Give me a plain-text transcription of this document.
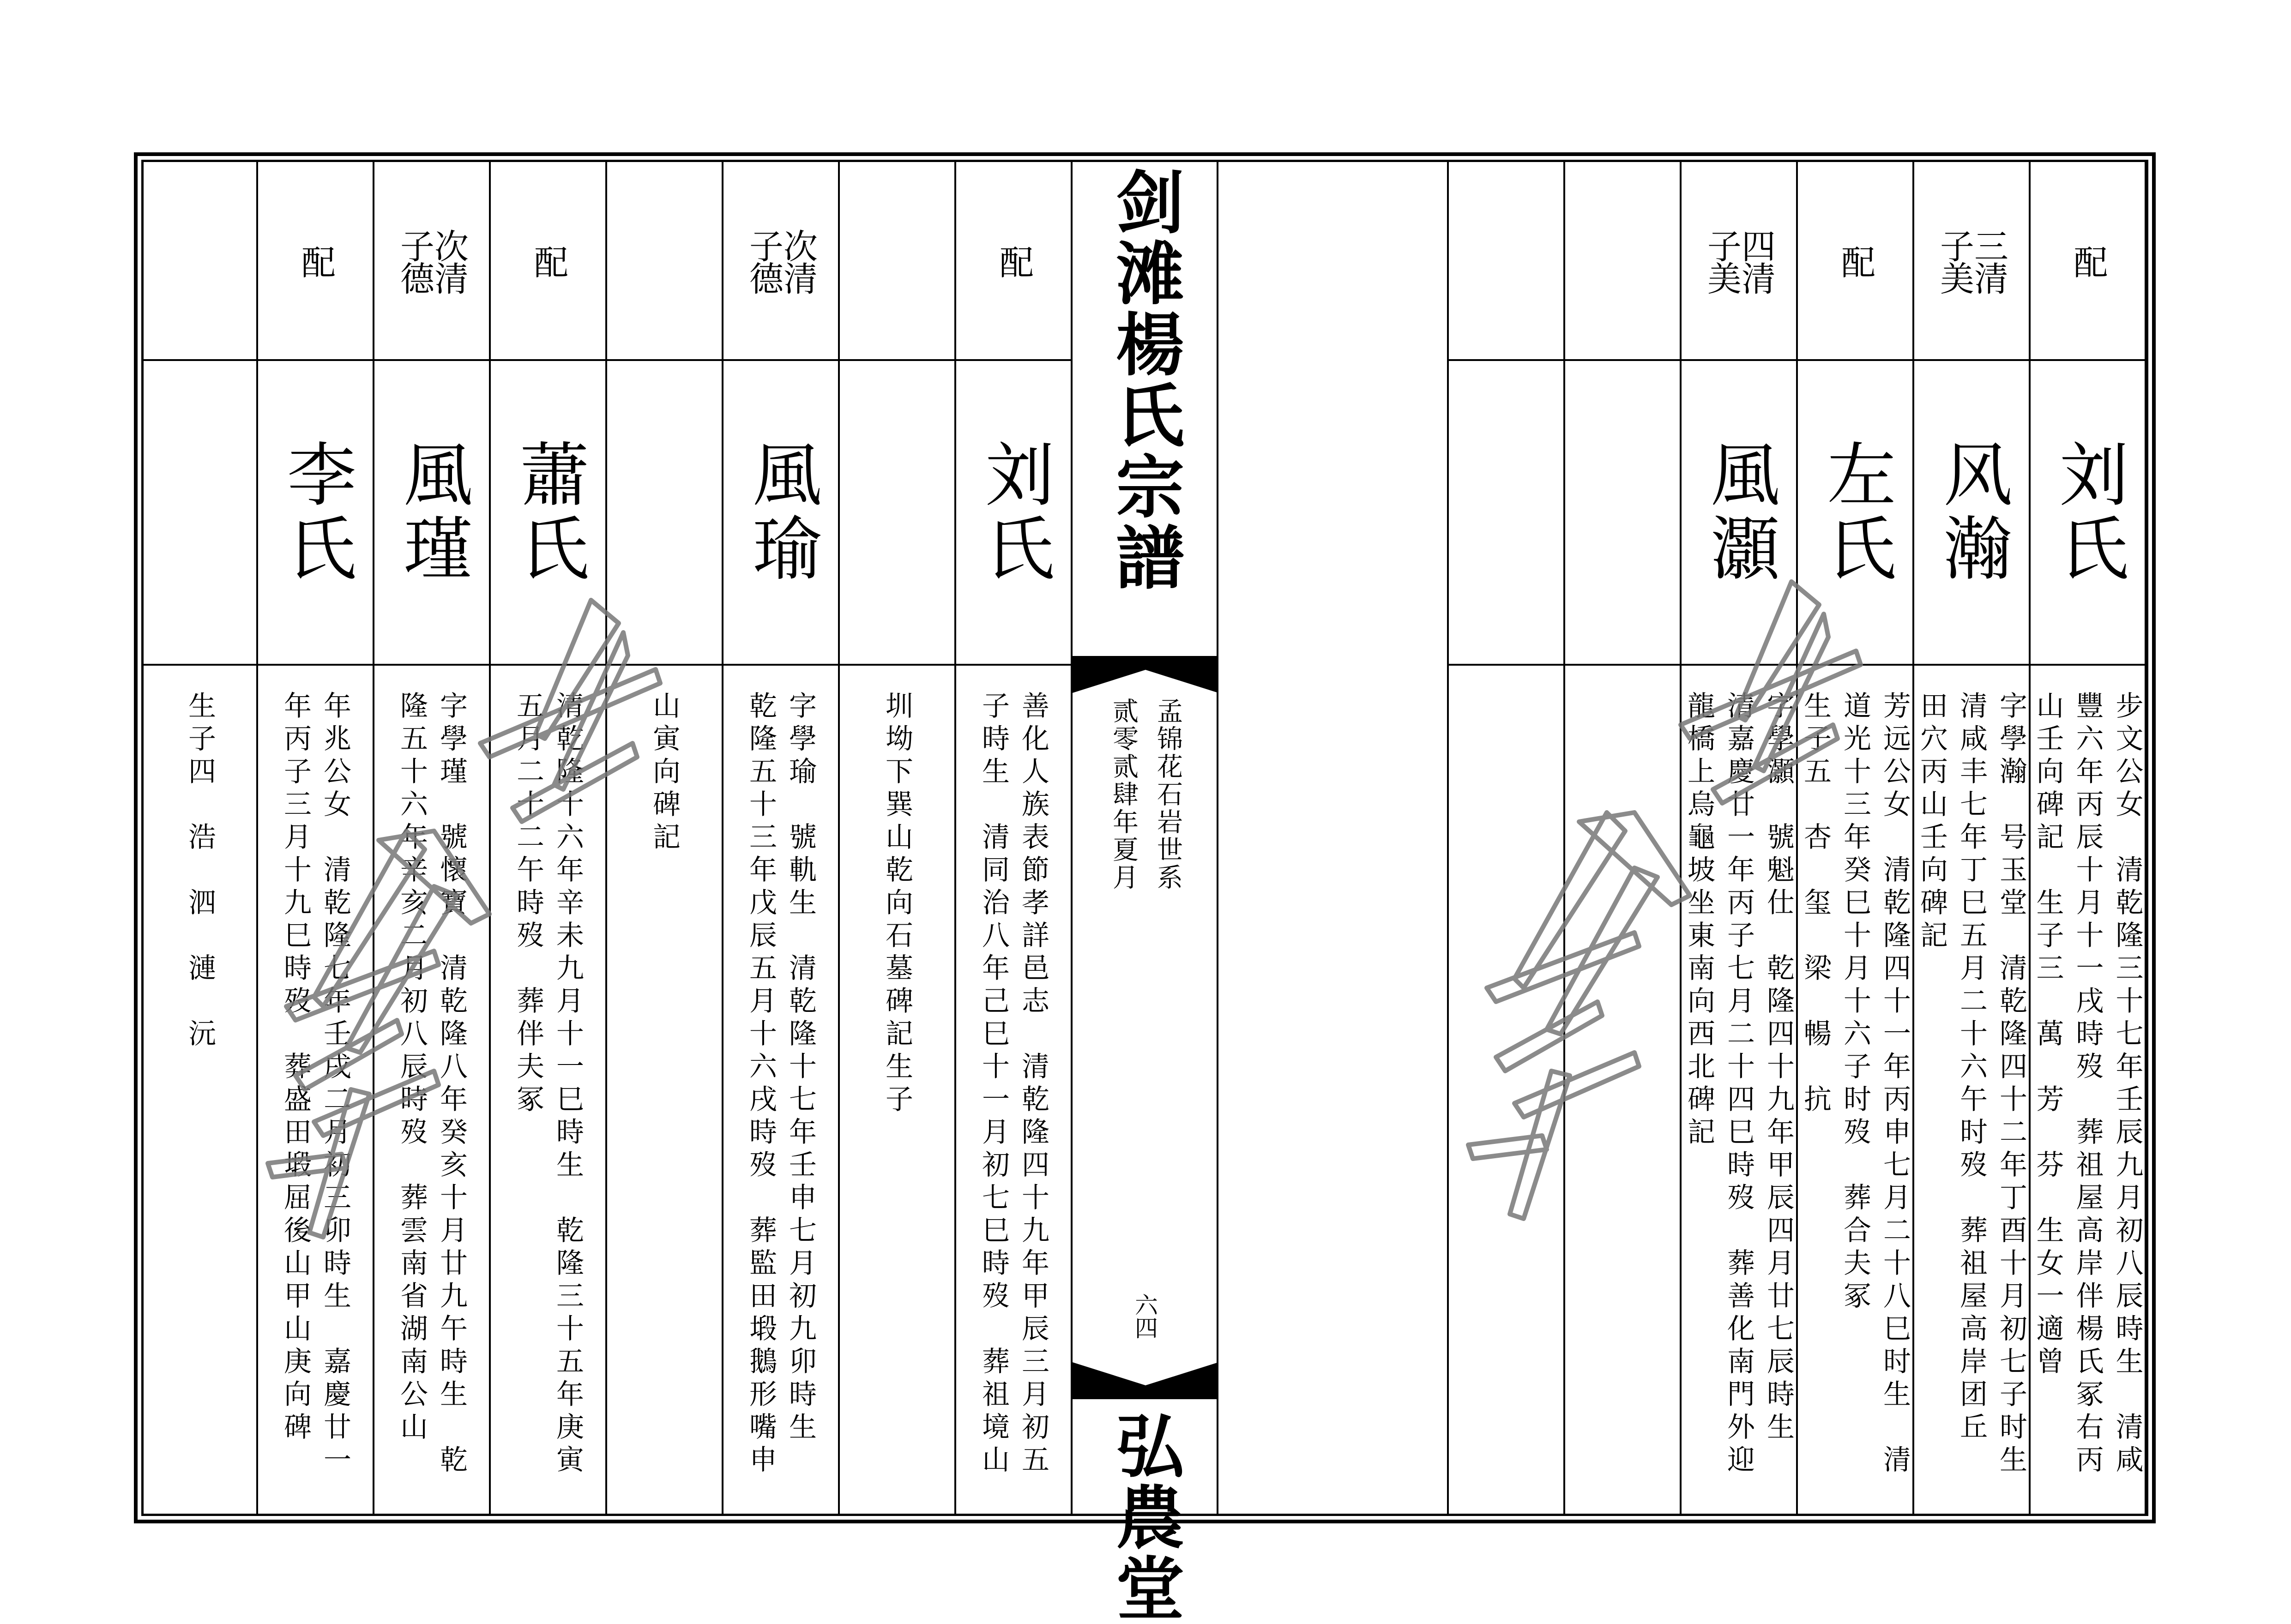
配
刘氏
步文公女　清乾隆三十七年壬辰九月初八辰時生　清咸
豐六年丙辰十月十一戌時歿　葬祖屋高岸伴楊氏冢右丙
山壬向碑記　生子三　萬　芳　芬　生女一適曾
三清
子美
风瀚
字學瀚　号玉堂　清乾隆四十二年丁酉十月初七子时生
清咸丰七年丁巳五月二十六午时歿　葬祖屋高岸团丘
田穴丙山壬向碑記
配
左氏
芳远公女　清乾隆四十一年丙申七月二十八巳时生　清
道光十三年癸巳十月十六子时歿　葬合夫冢
生子五　杏　玺　梁　暢　抗
四清
子美
風灝
字學灝　號魁仕　乾隆四十九年甲辰四月廿七辰時生
清嘉慶廿一年丙子七月二十四巳時歿　葬善化南門外迎
龍橋上烏龜坡坐東南向西北碑記
剑滩楊氏宗譜
孟锦花石岩世系
贰零贰肆年夏月
六四
弘農堂
配
刘氏
善化人族表節孝詳邑志　清乾隆四十九年甲辰三月初五
子時生　清同治八年己巳十一月初七巳時歿　葬祖境山
圳坳下巽山乾向石墓碑記生子
次清
子德
風瑜
字學瑜　號軌生　清乾隆十七年壬申七月初九卯時生
乾隆五十三年戊辰五月十六戌時歿　葬監田塅鵝形嘴申
山寅向碑記
配
蕭氏
清乾隆十六年辛未九月十一巳時生　乾隆三十五年庚寅
五月二十二午時歿　葬伴夫冢
次清
子德
風瑾
字學瑾　號懷寶　清乾隆八年癸亥十月廿九午時生　乾
隆五十六年辛亥二月初八辰時歿　葬雲南省湖南公山
配
李氏
年兆公女　清乾隆七年壬戌二月初三卯時生　嘉慶廿一
年丙子三月十九巳時歿　葬盛田塅屈後山甲山庚向碑
生子四　浩　泗　漣　沅
